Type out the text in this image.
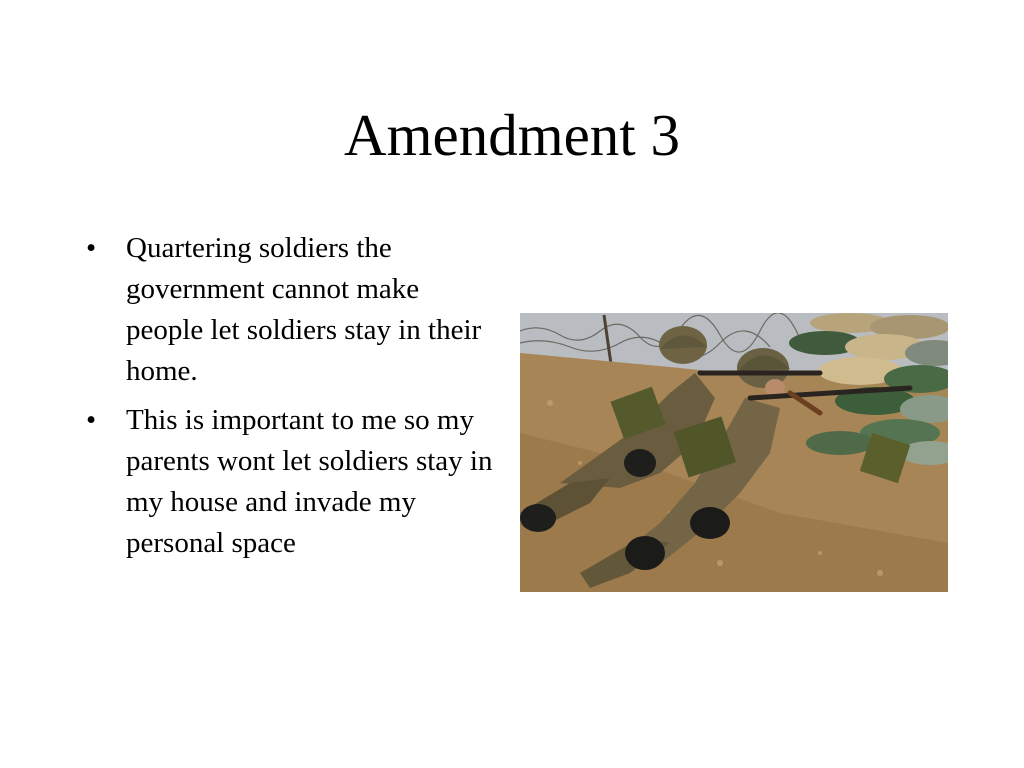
Amendment 3
• Quartering soldiers the government cannot make people let soldiers stay in their home.
• This is important to me so my parents wont let soldiers stay in my house and invade my personal space
